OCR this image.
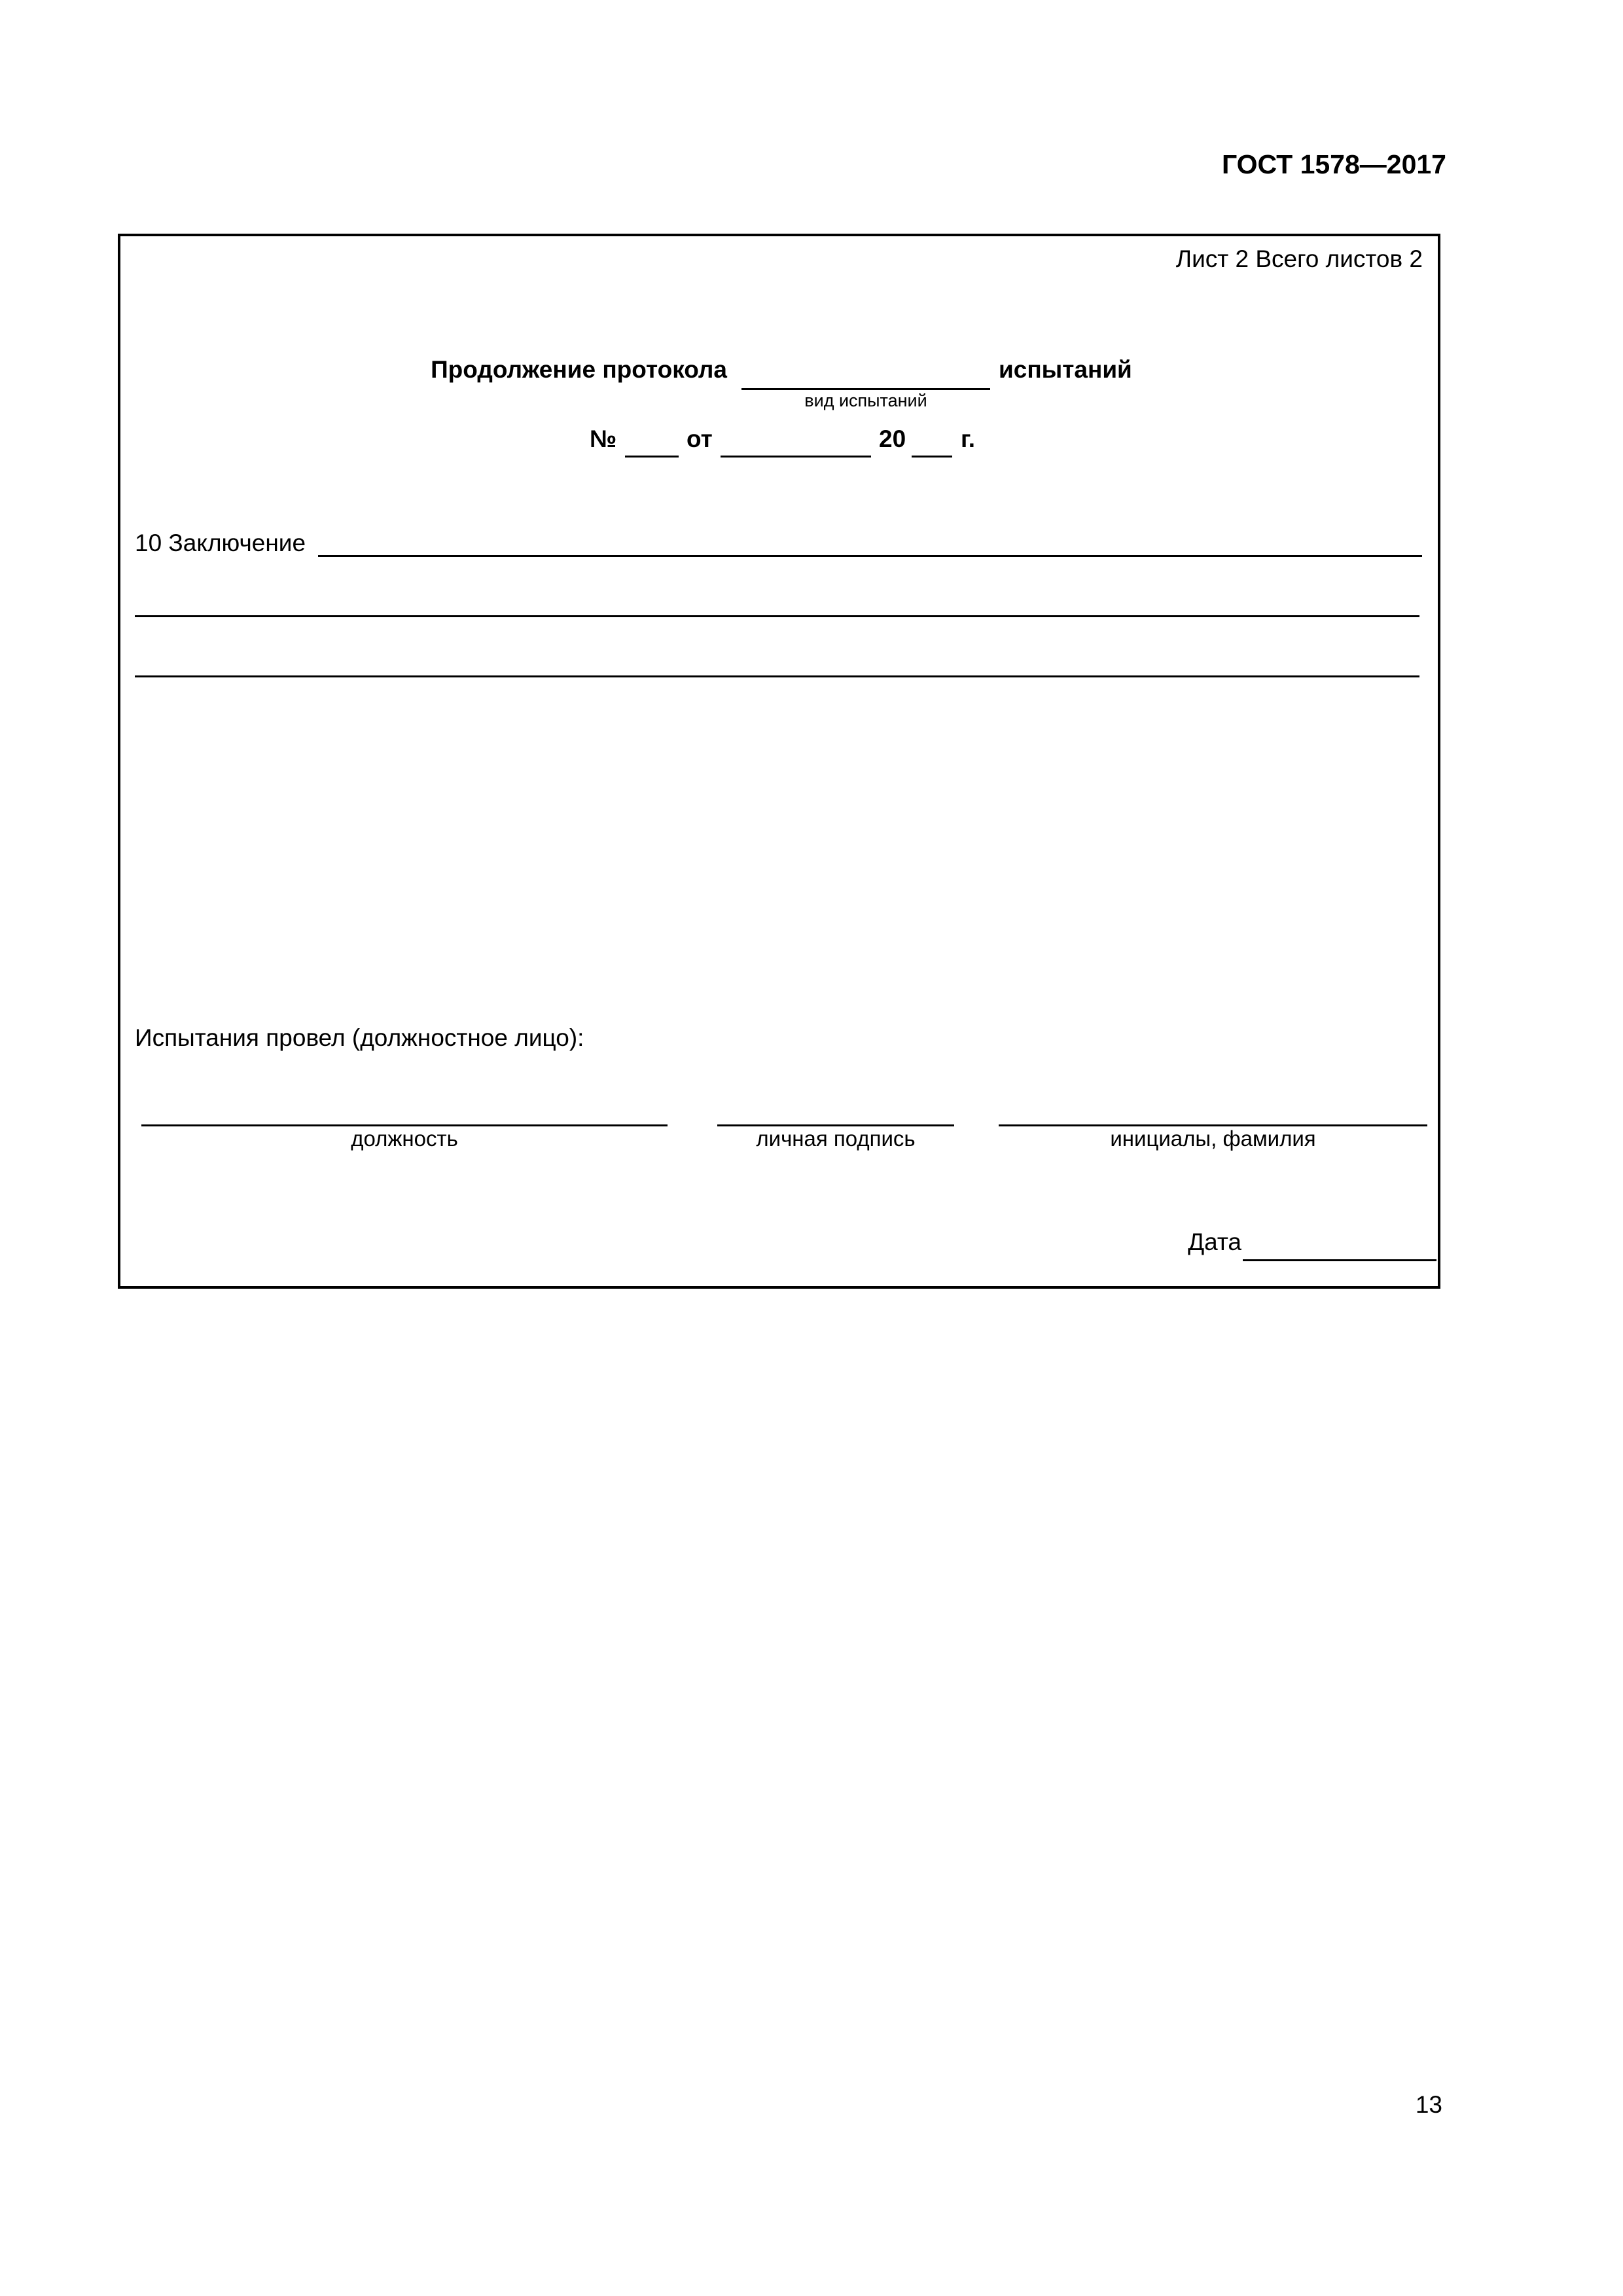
ГОСТ 1578—2017
Лист 2 Всего листов 2
Продолжение протокола	испытаний
вид испытаний
№	от	20 г.
10 Заключение
Испытания провел (должностное лицо):
должность	личная подпись	инициалы, фамилия
Дата
13
